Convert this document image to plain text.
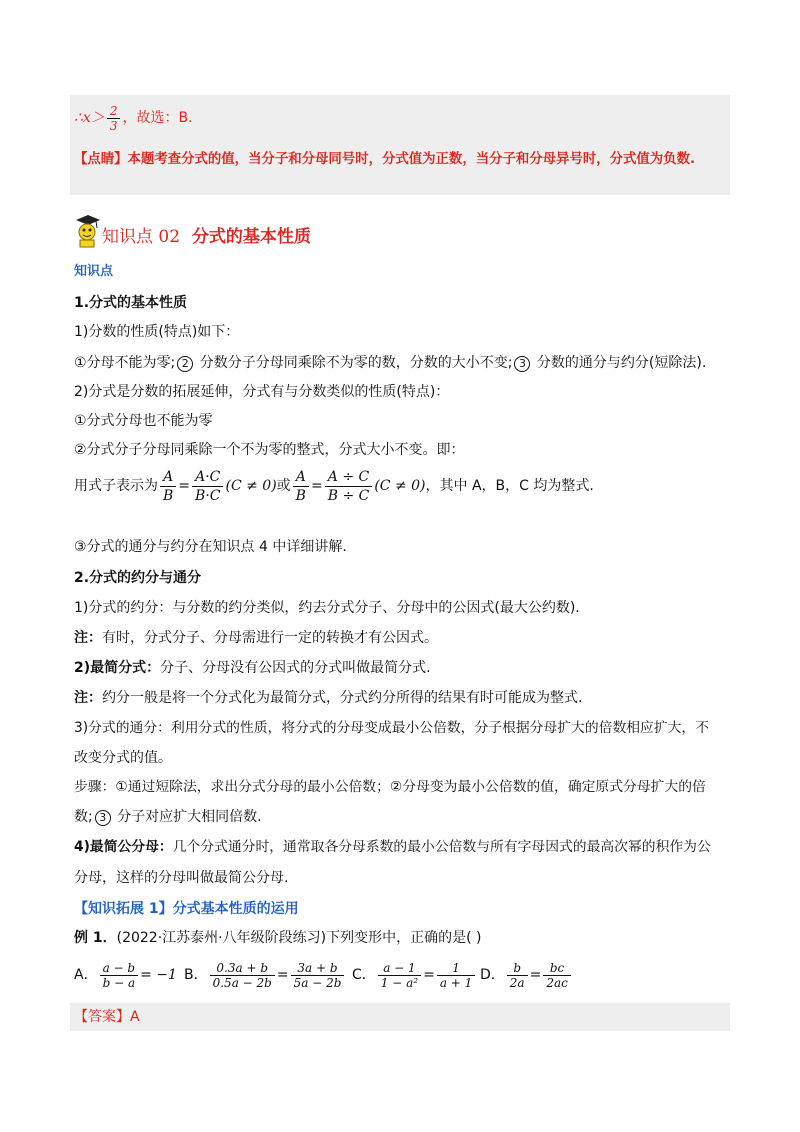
∴x＞ $\frac{2}{3}$ ，故选：B.
【点睛】本题考查分式的值，当分子和分母同号时，分式值为正数，当分子和分母异号时，分式值为负数.
知识点 02 分式的基本性质
知识点
1.分式的基本性质
1)分数的性质(特点)如下：
①分母不能为零; 2 分数分子分母同乘除不为零的数，分数的大小不变; 3 分数的通分与约分(短除法).
2)分式是分数的拓展延伸，分式有与分数类似的性质(特点)：
①分式分母也不能为零
②分式分子分母同乘除一个不为零的整式，分式大小不变。即：
用式子表示为 $\frac{A}{B} = \frac{A\cdot C}{B\cdot C} (C \ne 0)$或 $\frac{A}{B} = \frac{A \div C}{B \div C} (C \ne 0)$，其中 A，B，C 均为整式.
③分式的通分与约分在知识点 4 中详细讲解.
2.分式的约分与通分
1)分式的约分：与分数的约分类似，约去分式分子、分母中的公因式(最大公约数).
注：有时，分式分子、分母需进行一定的转换才有公因式。
2)最简分式：分子、分母没有公因式的分式叫做最简分式.
注：约分一般是将一个分式化为最简分式，分式约分所得的结果有时可能成为整式.
3)分式的通分：利用分式的性质，将分式的分母变成最小公倍数，分子根据分母扩大的倍数相应扩大，不
改变分式的值。
步骤：①通过短除法，求出分式分母的最小公倍数；②分母变为最小公倍数的值，确定原式分母扩大的倍
数; 3 分子对应扩大相同倍数.
4)最简公分母：几个分式通分时，通常取各分母系数的最小公倍数与所有字母因式的最高次幂的积作为公
分母，这样的分母叫做最简公分母.
【知识拓展 1】分式基本性质的运用
例 1．(2022·江苏泰州·八年级阶段练习)下列变形中，正确的是( )
A． $\frac{a - b}{b - a} = -1$ B． $\frac{0.3a + b}{0.5a - 2b} = \frac{3a + b}{5a - 2b}$ C． $\frac{a - 1}{\text{1 − a²}} = \frac{1}{a + 1}$ D． $\frac{b}{2a} = \frac{bc}{2ac}$
【答案】A
